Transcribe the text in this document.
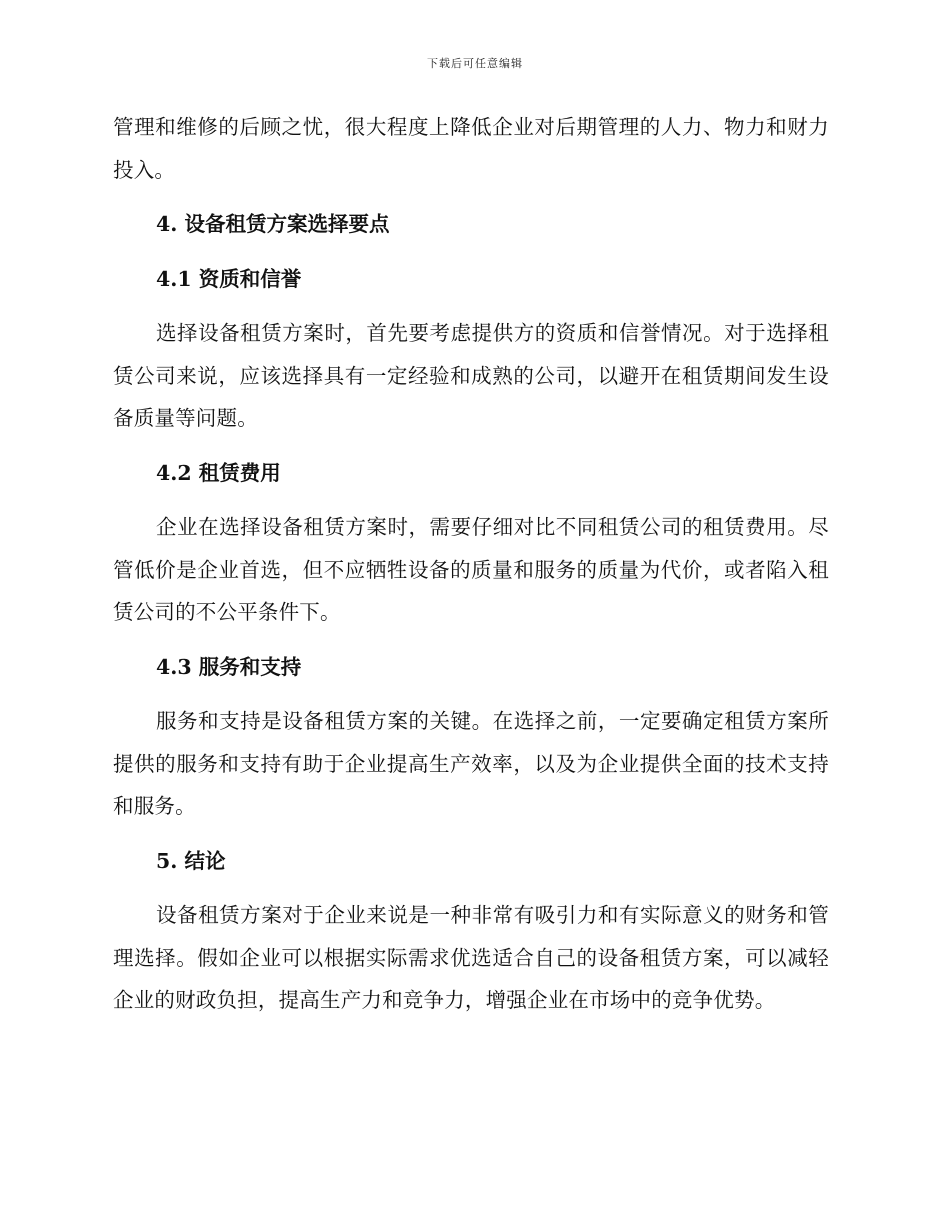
下载后可任意编辑

管理和维修的后顾之忧，很大程度上降低企业对后期管理的人力、物力和财力投入。

4. 设备租赁方案选择要点
4.1 资质和信誉

选择设备租赁方案时，首先要考虑提供方的资质和信誉情况。对于选择租赁公司来说，应该选择具有一定经验和成熟的公司，以避开在租赁期间发生设备质量等问题。

4.2 租赁费用

企业在选择设备租赁方案时，需要仔细对比不同租赁公司的租赁费用。尽管低价是企业首选，但不应牺牲设备的质量和服务的质量为代价，或者陷入租赁公司的不公平条件下。

4.3 服务和支持

服务和支持是设备租赁方案的关键。在选择之前，一定要确定租赁方案所提供的服务和支持有助于企业提高生产效率，以及为企业提供全面的技术支持和服务。

5. 结论

设备租赁方案对于企业来说是一种非常有吸引力和有实际意义的财务和管理选择。假如企业可以根据实际需求优选适合自己的设备租赁方案，可以减轻企业的财政负担，提高生产力和竞争力，增强企业在市场中的竞争优势。
